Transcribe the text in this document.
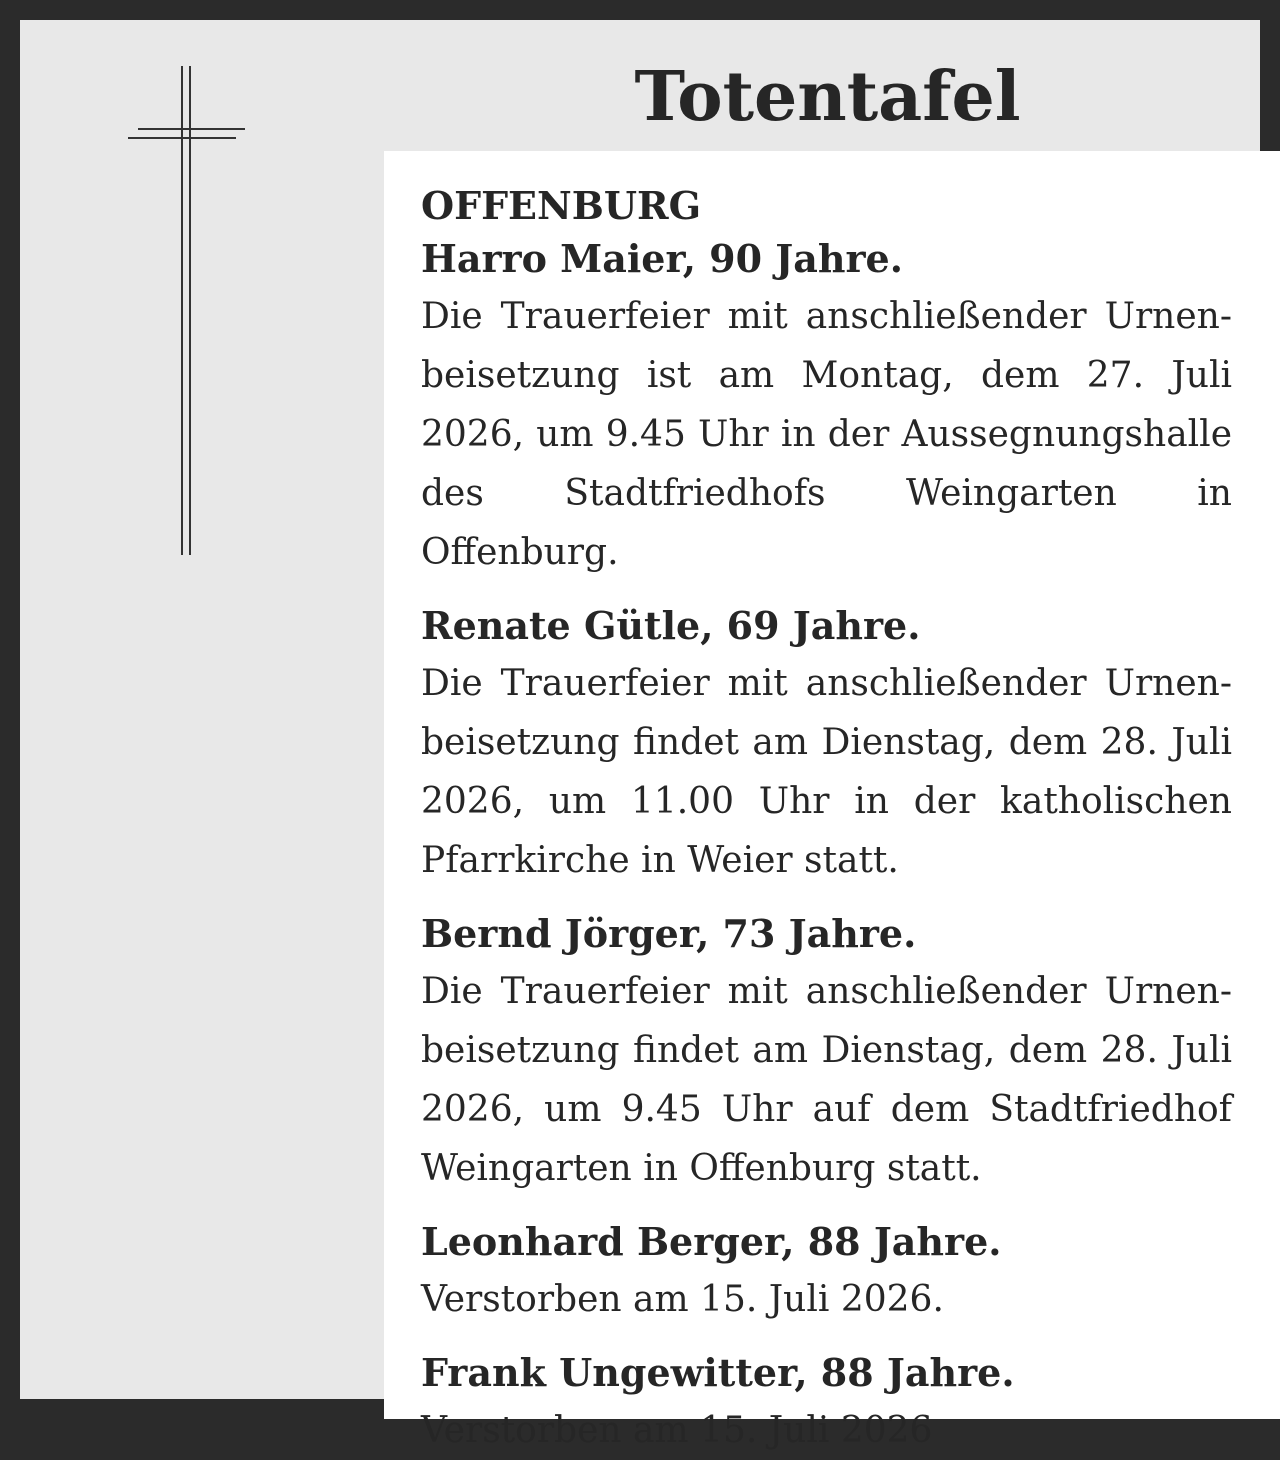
Totentafel

OFFENBURG

Harro Maier, 90 Jahre.

Die Trauerfeier mit anschließender Urnen-beisetzung ist am Montag, dem 27. Juli 2026, um 9.45 Uhr in der Aussegnungshalle des Stadtfriedhofs Weingarten in Offenburg.

Renate Gütle, 69 Jahre.

Die Trauerfeier mit anschließender Urnen-beisetzung findet am Dienstag, dem 28. Juli 2026, um 11.00 Uhr in der katholischen Pfarrkirche in Weier statt.

Bernd Jörger, 73 Jahre.

Die Trauerfeier mit anschließender Urnen-beisetzung findet am Dienstag, dem 28. Juli 2026, um 9.45 Uhr auf dem Stadtfriedhof Weingarten in Offenburg statt.

Leonhard Berger, 88 Jahre.

Verstorben am 15. Juli 2026.

Frank Ungewitter, 88 Jahre.

Verstorben am 15. Juli 2026
